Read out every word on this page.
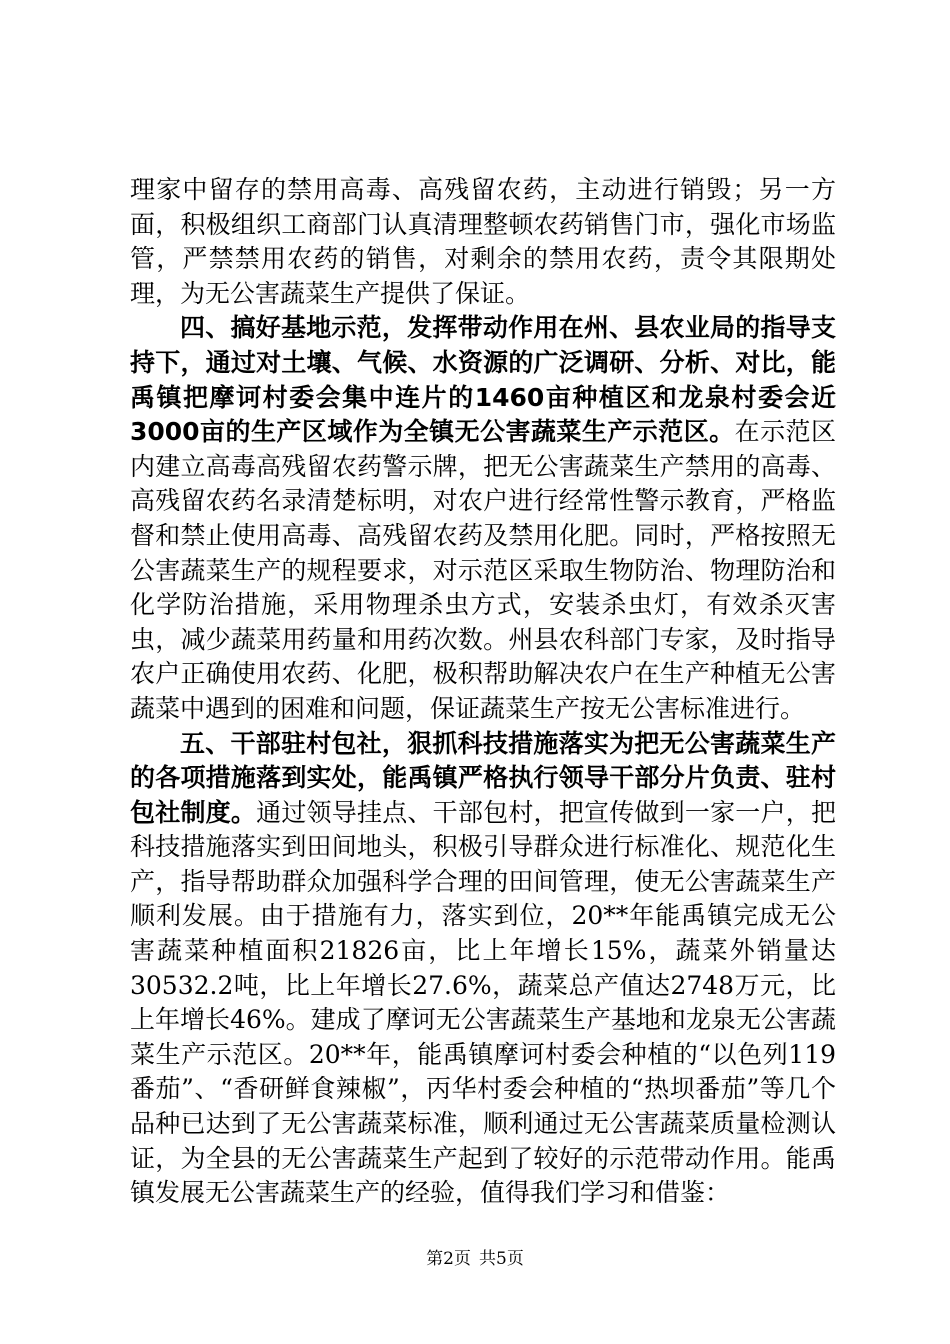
理家中留存的禁用高毒、高残留农药，主动进行销毁；另一方面，积极组织工商部门认真清理整顿农药销售门市，强化市场监管，严禁禁用农药的销售，对剩余的禁用农药，责令其限期处理，为无公害蔬菜生产提供了保证。

四、搞好基地示范，发挥带动作用在州、县农业局的指导支持下，通过对土壤、气候、水资源的广泛调研、分析、对比，能禹镇把摩诃村委会集中连片的1460亩种植区和龙泉村委会近3000亩的生产区域作为全镇无公害蔬菜生产示范区。在示范区内建立高毒高残留农药警示牌，把无公害蔬菜生产禁用的高毒、高残留农药名录清楚标明，对农户进行经常性警示教育，严格监督和禁止使用高毒、高残留农药及禁用化肥。同时，严格按照无公害蔬菜生产的规程要求，对示范区采取生物防治、物理防治和化学防治措施，采用物理杀虫方式，安装杀虫灯，有效杀灭害虫，减少蔬菜用药量和用药次数。州县农科部门专家，及时指导农户正确使用农药、化肥，极积帮助解决农户在生产种植无公害蔬菜中遇到的困难和问题，保证蔬菜生产按无公害标准进行。

五、干部驻村包社，狠抓科技措施落实为把无公害蔬菜生产的各项措施落到实处，能禹镇严格执行领导干部分片负责、驻村包社制度。通过领导挂点、干部包村，把宣传做到一家一户，把科技措施落实到田间地头，积极引导群众进行标准化、规范化生产，指导帮助群众加强科学合理的田间管理，使无公害蔬菜生产顺利发展。由于措施有力，落实到位，20**年能禹镇完成无公害蔬菜种植面积21826亩，比上年增长15%，蔬菜外销量达30532.2吨，比上年增长27.6%，蔬菜总产值达2748万元，比上年增长46%。建成了摩诃无公害蔬菜生产基地和龙泉无公害蔬菜生产示范区。20**年，能禹镇摩诃村委会种植的“以色列119番茄”、“香研鲜食辣椒”，丙华村委会种植的“热坝番茄”等几个品种已达到了无公害蔬菜标准，顺利通过无公害蔬菜质量检测认证，为全县的无公害蔬菜生产起到了较好的示范带动作用。能禹镇发展无公害蔬菜生产的经验，值得我们学习和借鉴：

第2页 共5页
